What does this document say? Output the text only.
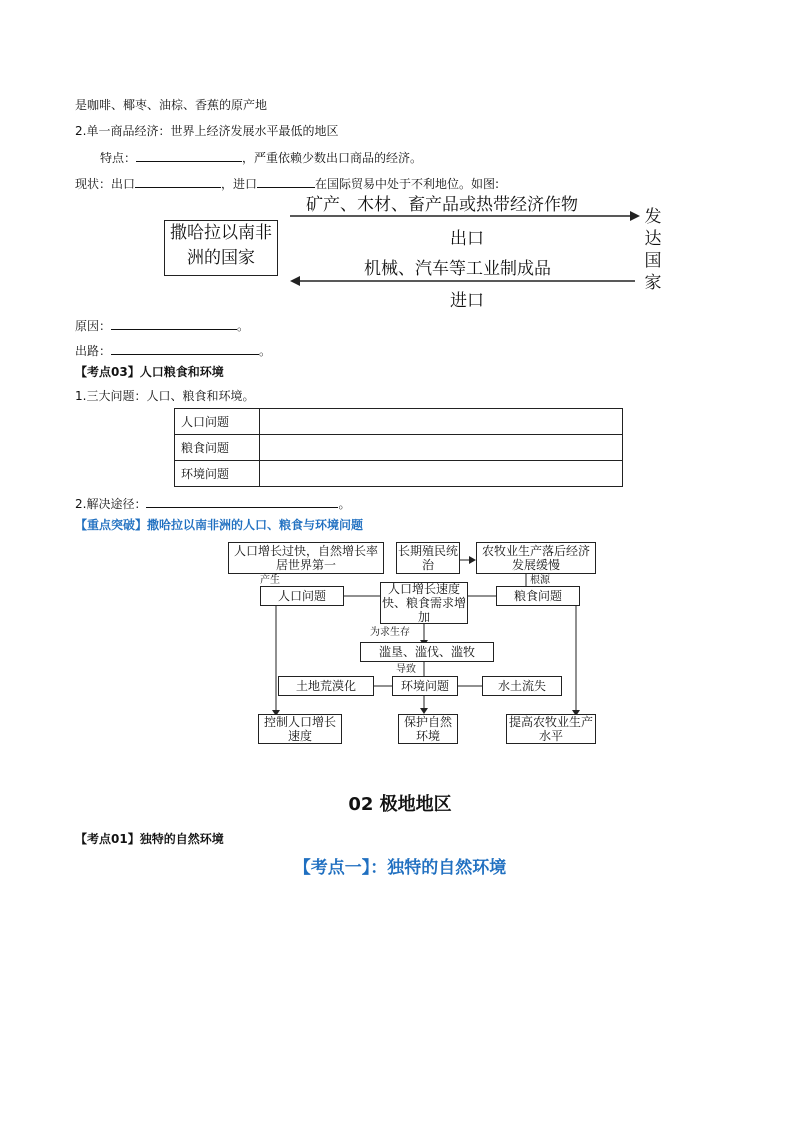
是咖啡、椰枣、油棕、香蕉的原产地
2.单一商品经济：世界上经济发展水平最低的地区
特点：	，严重依赖少数出口商品的经济。
现状：出口	，进口	在国际贸易中处于不利地位。如图:
撒哈拉以南非洲的国家
矿产、木材、畜产品或热带经济作物
出口
机械、汽车等工业制成品
进口
发达国家
原因：	。
出路：	。
【考点03】人口粮食和环境
1.三大问题：人口、粮食和环境。
人口问题	
粮食问题	
环境问题	
2.解决途径：	。
【重点突破】撒哈拉以南非洲的人口、粮食与环境问题
人口增长过快，自然增长率居世界第一
长期殖民统治
农牧业生产落后经济发展缓慢
人口问题	人口增长速度快、粮食需求增加
粮食问题
滥垦、滥伐、滥牧
土地荒漠化	环境问题	水土流失
控制人口增长速度
保护自然环境
提高农牧业生产水平
产生	根源
为求生存
导致
02 极地地区
【考点01】独特的自然环境
【考点一】：独特的自然环境
